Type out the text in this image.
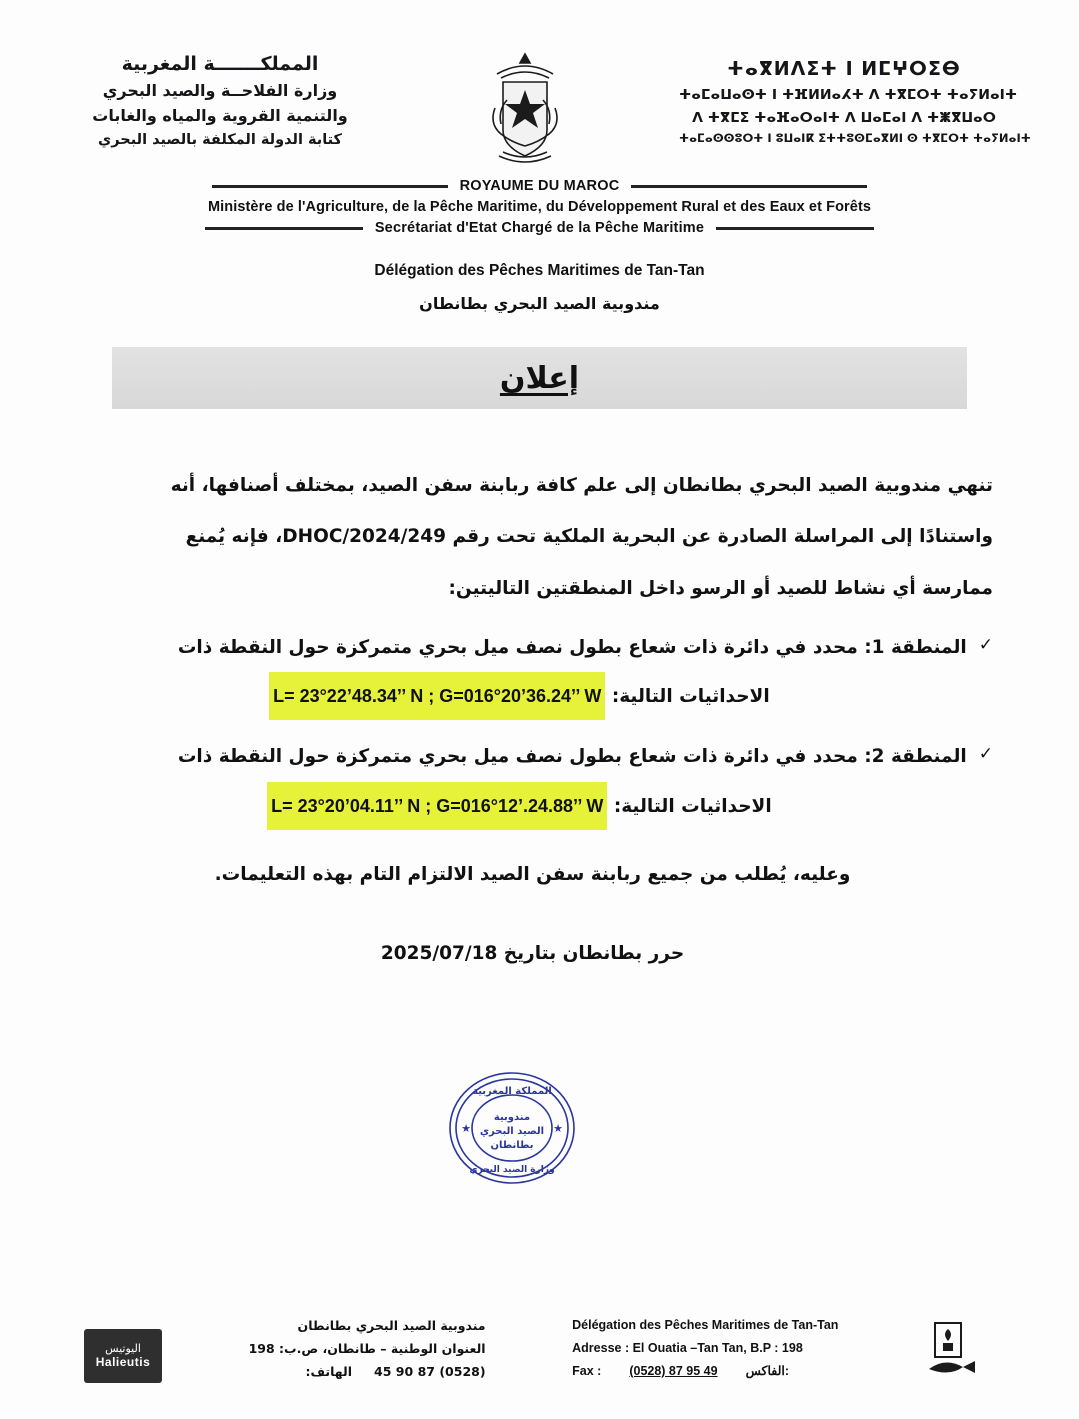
المملكـــــــة المغربية
وزارة الفلاحــة والصيد البحري
والتنمية القروية والمياه والغابات
كتابة الدولة المكلفة بالصيد البحري
ⵜⴰⴳⵍⴷⵉⵜ ⵏ ⵍⵎⵖⵔⵉⴱ
ⵜⴰⵎⴰⵡⴰⵙⵜ ⵏ ⵜⴼⵍⵍⴰⵃⵜ ⴷ ⵜⴳⵎⵔⵜ ⵜⴰⵢⵍⴰⵏⵜ
ⴷ ⵜⴳⵎⵉ ⵜⴰⴼⴰⵔⴰⵏⵜ ⴷ ⵡⴰⵎⴰⵏ ⴷ ⵜⵥⴳⵡⴰⵔ
ⵜⴰⵎⴰⵙⵙⵓⵔⵜ ⵏ ⵓⵡⴰⵏⴽ ⵉⵜⵜⵓⵙⵎⴰⴳⵍⵏ ⵙ ⵜⴳⵎⵔⵜ ⵜⴰⵢⵍⴰⵏⵜ
ROYAUME DU MAROC
Ministère de l'Agriculture, de la Pêche Maritime, du Développement Rural et des Eaux et Forêts
Secrétariat d'Etat Chargé de la Pêche Maritime
Délégation des Pêches Maritimes de Tan-Tan
مندوبية الصيد البحري بطانطان
إعلان

تنهي مندوبية الصيد البحري بطانطان إلى علم كافة ربابنة سفن الصيد، بمختلف أصنافها، أنه

واستنادًا إلى المراسلة الصادرة عن البحرية الملكية تحت رقم 249/DHOC/2024، فإنه يُمنع

ممارسة أي نشاط للصيد أو الرسو داخل المنطقتين التاليتين:

✓
المنطقة 1: محدد في دائرة ذات شعاع بطول نصف ميل بحري متمركزة حول النقطة ذات
الاحداثيات التالية: L= 23°22’48.34’’ N ; G=016°20’36.24’’ W
✓
المنطقة 2: محدد في دائرة ذات شعاع بطول نصف ميل بحري متمركزة حول النقطة ذات
الاحداثيات التالية: L= 23°20’04.11’’ N ; G=016°12’.24.88’’ W
وعليه، يُطلب من جميع ربابنة سفن الصيد الالتزام التام بهذه التعليمات.
حرر بطانطان بتاريخ 2025/07/18
المملكة المغربية
مندوبية
الصيد البحري
بطانطان
وزارة الصيد البحري
★	★
Délégation des Pêches Maritimes de Tan-Tan
Adresse : El Ouatia –Tan Tan, B.P : 198
Fax : (0528) 87 95 49 الفاكس:
مندوبية الصيد البحري بطانطان
العنوان الوطنية – طانطان، ص.ب: 198
(0528) 87 90 45
الهاتف:
اليوتيس
Halieutis
